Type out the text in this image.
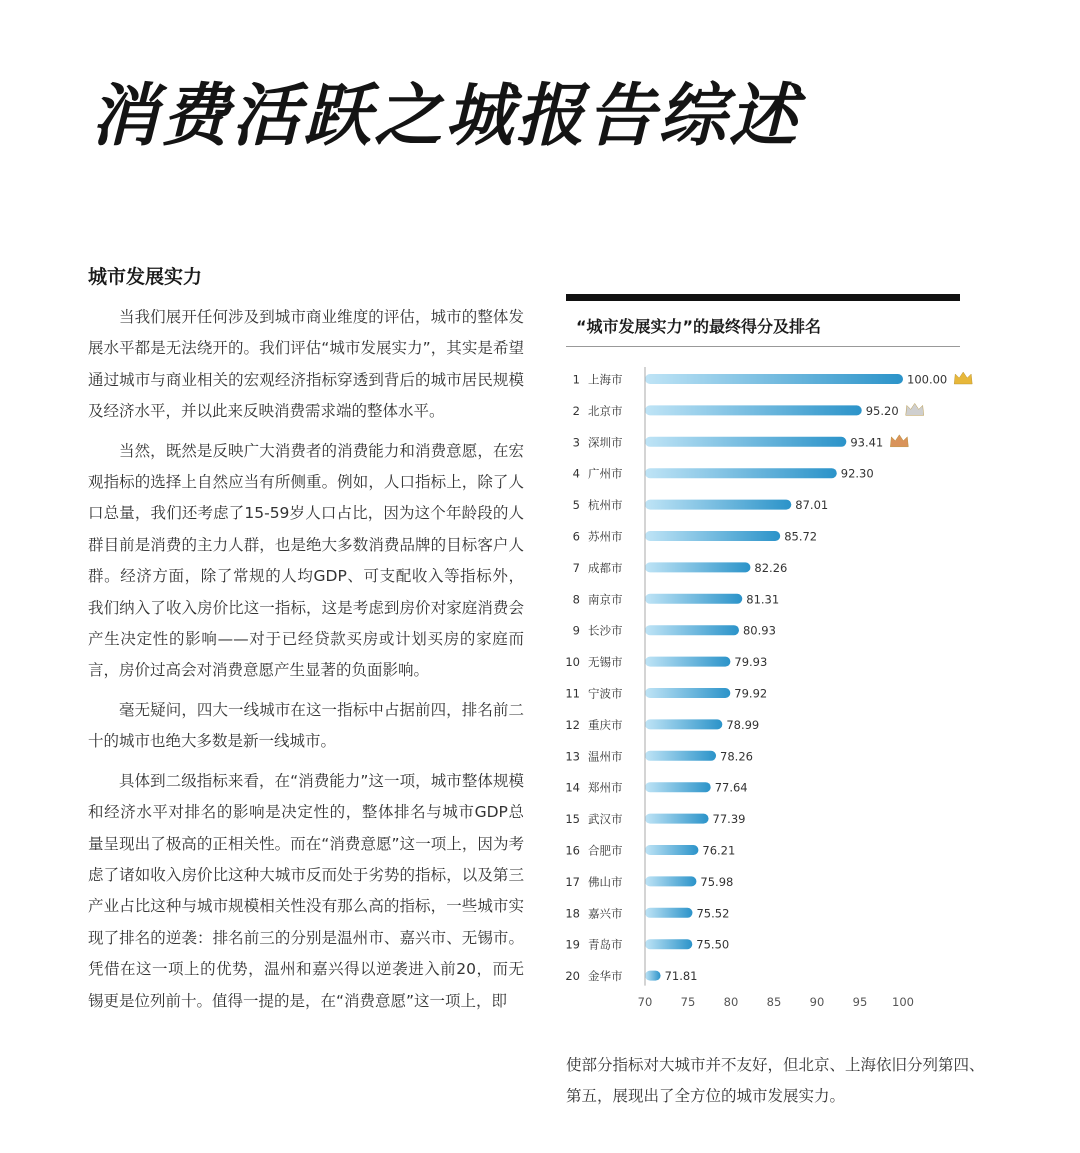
消费活跃之城报告综述
城市发展实力

当我们展开任何涉及到城市商业维度的评估，城市的整体发展水平都是无法绕开的。我们评估“城市发展实力”，其实是希望通过城市与商业相关的宏观经济指标穿透到背后的城市居民规模及经济水平，并以此来反映消费需求端的整体水平。

当然，既然是反映广大消费者的消费能力和消费意愿，在宏观指标的选择上自然应当有所侧重。例如，人口指标上，除了人口总量，我们还考虑了15-59岁人口占比，因为这个年龄段的人群目前是消费的主力人群，也是绝大多数消费品牌的目标客户人群。经济方面，除了常规的人均GDP、可支配收入等指标外，我们纳入了收入房价比这一指标，这是考虑到房价对家庭消费会产生决定性的影响——对于已经贷款买房或计划买房的家庭而言，房价过高会对消费意愿产生显著的负面影响。

毫无疑问，四大一线城市在这一指标中占据前四，排名前二十的城市也绝大多数是新一线城市。

具体到二级指标来看，在“消费能力”这一项，城市整体规模和经济水平对排名的影响是决定性的，整体排名与城市GDP总量呈现出了极高的正相关性。而在“消费意愿”这一项上，因为考虑了诸如收入房价比这种大城市反而处于劣势的指标，以及第三产业占比这种与城市规模相关性没有那么高的指标，一些城市实现了排名的逆袭：排名前三的分别是温州市、嘉兴市、无锡市。凭借在这一项上的优势，温州和嘉兴得以逆袭进入前20，而无锡更是位列前十。值得一提的是，在“消费意愿”这一项上，即

“城市发展实力”的最终得分及排名
1 上海市	100.00
2 北京市	95.20
3 深圳市	93.41
4 广州市	92.30
5 杭州市	87.01
6 苏州市	85.72
7 成都市	82.26
8 南京市	81.31
9 长沙市	80.93
10 无锡市	79.93
11 宁波市	79.92
12 重庆市	78.99
13 温州市	78.26
14 郑州市	77.64
15 武汉市	77.39
16 合肥市	76.21
17 佛山市	75.98
18 嘉兴市	75.52
19 青岛市	75.50
20 金华市	71.81
70 75 80 85 90 95 100

使部分指标对大城市并不友好，但北京、上海依旧分列第四、第五，展现出了全方位的城市发展实力。
